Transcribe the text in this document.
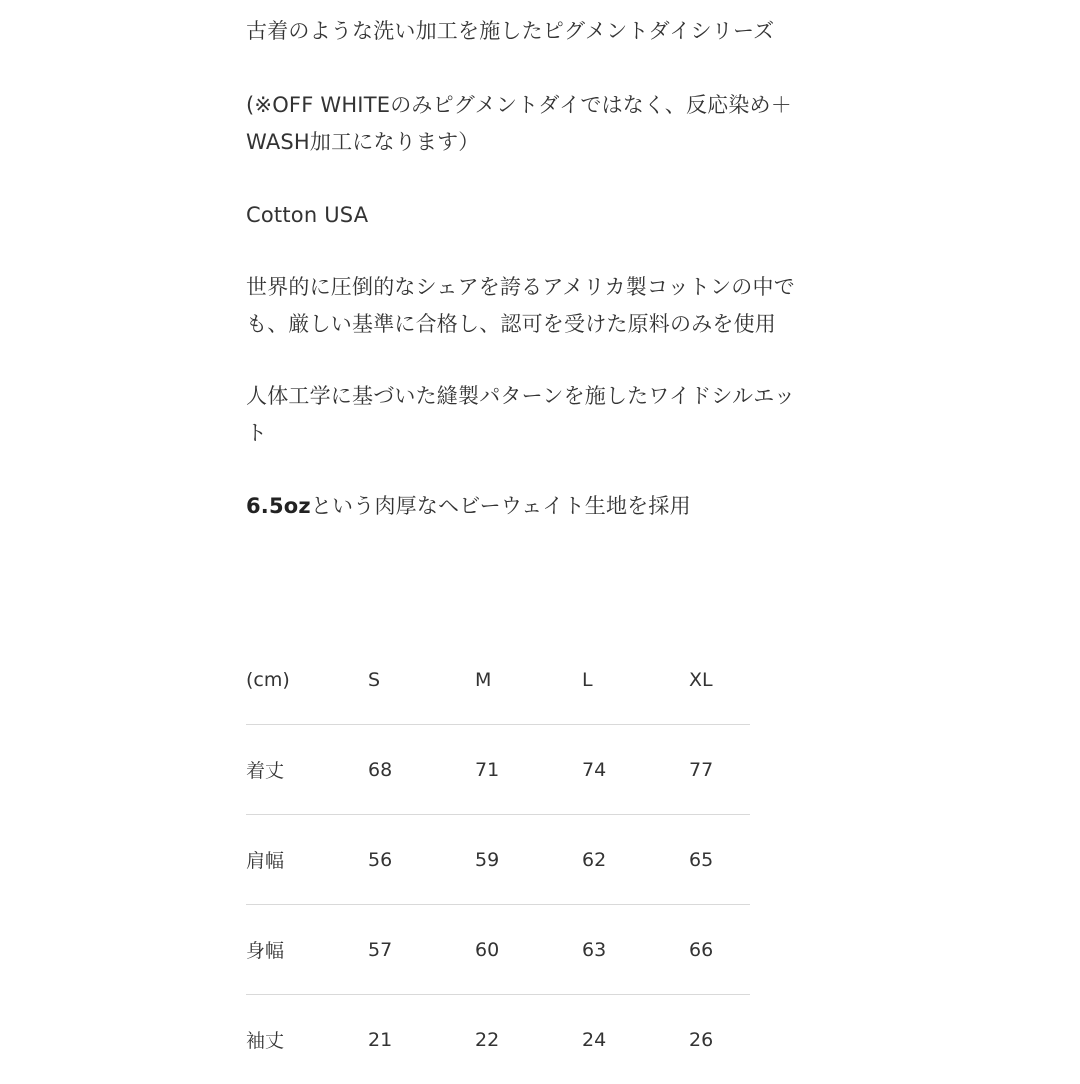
古着のような洗い加工を施したピグメントダイシリーズ

(※OFF WHITEのみピグメントダイではなく、反応染め＋
WASH加工になります）

Cotton USA

世界的に圧倒的なシェアを誇るアメリカ製コットンの中で
も、厳しい基準に合格し、認可を受けた原料のみを使用

人体工学に基づいた縫製パターンを施したワイドシルエッ
ト

6.5ozという肉厚なヘビーウェイト生地を採用

(cm)	S	M	L	XL
着丈	68	71	74	77
肩幅	56	59	62	65
身幅	57	60	63	66
袖丈	21	22	24	26
